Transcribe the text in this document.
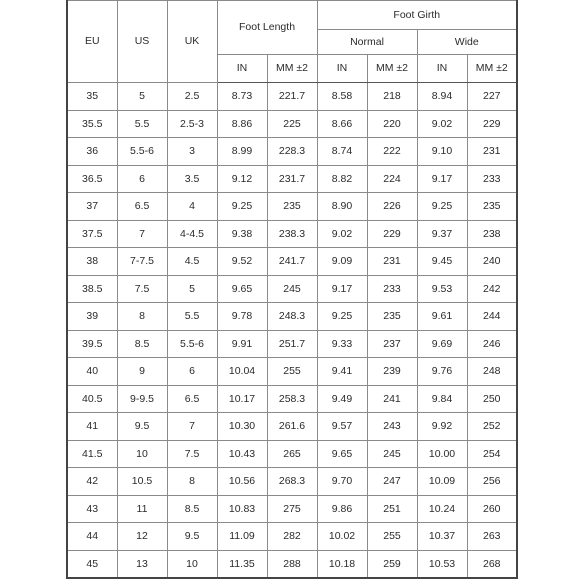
EU	US	UK	Foot Length		Foot Girth			
					Normal		Wide	
			IN	MM ±2	IN	MM ±2	IN	MM ±2
35	5	2.5	8.73	221.7	8.58	218	8.94	227
35.5	5.5	2.5-3	8.86	225	8.66	220	9.02	229
36	5.5-6	3	8.99	228.3	8.74	222	9.10	231
36.5	6	3.5	9.12	231.7	8.82	224	9.17	233
37	6.5	4	9.25	235	8.90	226	9.25	235
37.5	7	4-4.5	9.38	238.3	9.02	229	9.37	238
38	7-7.5	4.5	9.52	241.7	9.09	231	9.45	240
38.5	7.5	5	9.65	245	9.17	233	9.53	242
39	8	5.5	9.78	248.3	9.25	235	9.61	244
39.5	8.5	5.5-6	9.91	251.7	9.33	237	9.69	246
40	9	6	10.04	255	9.41	239	9.76	248
40.5	9-9.5	6.5	10.17	258.3	9.49	241	9.84	250
41	9.5	7	10.30	261.6	9.57	243	9.92	252
41.5	10	7.5	10.43	265	9.65	245	10.00	254
42	10.5	8	10.56	268.3	9.70	247	10.09	256
43	11	8.5	10.83	275	9.86	251	10.24	260
44	12	9.5	11.09	282	10.02	255	10.37	263
45	13	10	11.35	288	10.18	259	10.53	268
